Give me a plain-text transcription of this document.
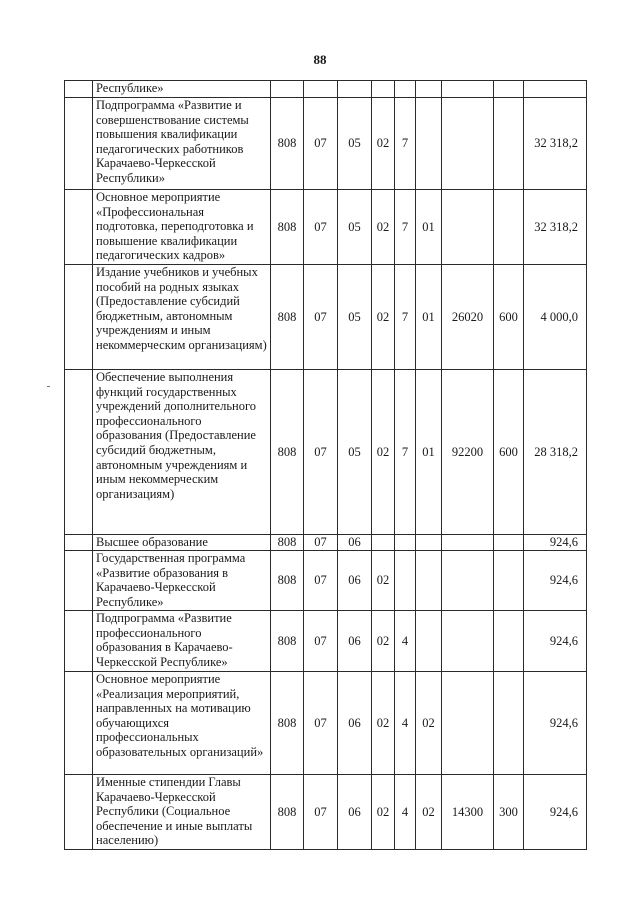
88
	Республике»									
	Подпрограмма «Развитие и совершенствование системы повышения квалификации педагогических работников Карачаево-Черкесской Республики»	808	07	05	02	7				32 318,2
	Основное мероприятие «Профессиональная подготовка, переподготовка и повышение квалификации педагогических кадров»	808	07	05	02	7	01			32 318,2
	Издание учебников и учебных пособий на родных языках (Предоставление субсидий бюджетным, автономным учреждениям и иным некоммерческим организациям)	808	07	05	02	7	01	26020	600	4 000,0
	Обеспечение выполнения функций государственных учреждений дополнительного профессионального образования (Предоставление субсидий бюджетным, автономным учреждениям и иным некоммерческим организациям)	808	07	05	02	7	01	92200	600	28 318,2
	Высшее образование	808	07	06						924,6
	Государственная программа «Развитие образования в Карачаево-Черкесской Республике»	808	07	06	02					924,6
	Подпрограмма «Развитие профессионального образования в Карачаево-Черкесской Республике»	808	07	06	02	4				924,6
	Основное мероприятие «Реализация мероприятий, направленных на мотивацию обучающихся профессиональных образовательных организаций»	808	07	06	02	4	02			924,6
	Именные стипендии Главы Карачаево-Черкесской Республики (Социальное обеспечение и иные выплаты населению)	808	07	06	02	4	02	14300	300	924,6
